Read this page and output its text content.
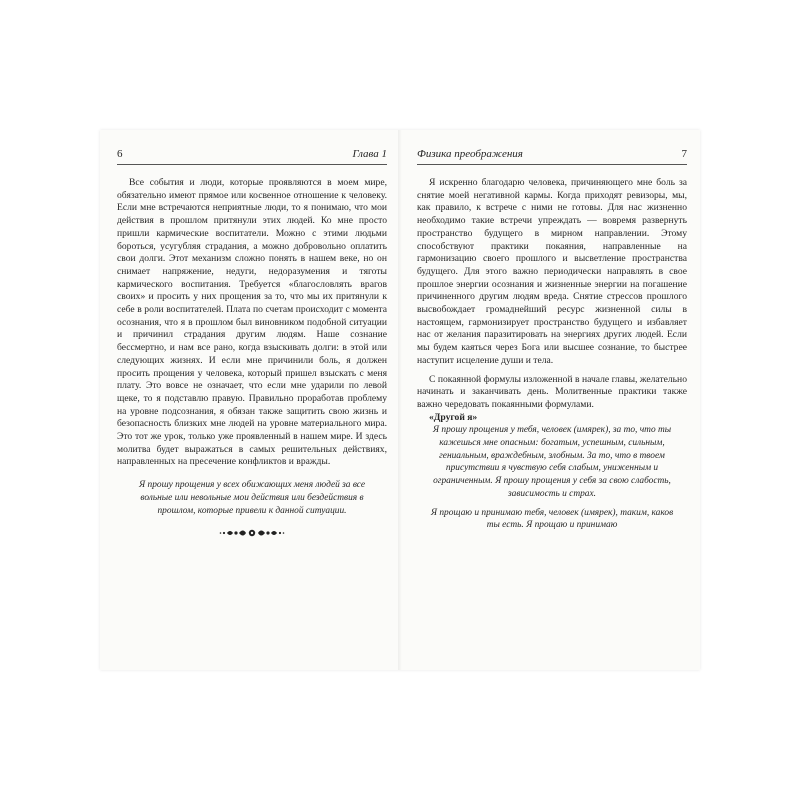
6	Глава 1

Все события и люди, которые проявляются в моем мире, обязательно имеют прямое или косвенное отношение к человеку. Если мне встречаются неприятные люди, то я понимаю, что мои действия в прошлом притянули этих людей. Ко мне просто пришли кармические воспитатели. Можно с этими людьми бороться, усугубляя страдания, а можно добровольно оплатить свои долги. Этот механизм сложно понять в нашем веке, но он снимает напряжение, недуги, недоразумения и тяготы кармического воспитания. Требуется «благословлять врагов своих» и просить у них прощения за то, что мы их притянули к себе в роли воспитателей. Плата по счетам происходит с момента осознания, что я в прошлом был виновником подобной ситуации и причинил страдания другим людям. Наше сознание бессмертно, и нам все рано, когда взыскивать долги: в этой или следующих жизнях. И если мне причинили боль, я должен просить прощения у человека, который пришел взыскать с меня плату. Это вовсе не означает, что если мне ударили по левой щеке, то я подставлю правую. Правильно проработав проблему на уровне подсознания, я обязан также защитить свою жизнь и безопасность близких мне людей на уровне материального мира. Это тот же урок, только уже проявленный в нашем мире. И здесь молитва будет выражаться в самых решительных действиях, направленных на пресечение конфликтов и вражды.

Я прошу прощения у всех обижающих меня людей за все вольные или невольные мои действия или бездействия в прошлом, которые привели к данной ситуации.

Физика преображения	7

Я искренно благодарю человека, причиняющего мне боль за снятие моей негативной кармы. Когда приходят ревизоры, мы, как правило, к встрече с ними не готовы. Для нас жизненно необходимо такие встречи упреждать — вовремя развернуть пространство будущего в мирном направлении. Этому способствуют практики покаяния, направленные на гармонизацию своего прошлого и высветление пространства будущего. Для этого важно периодически направлять в свое прошлое энергии осознания и жизненные энергии на погашение причиненного другим людям вреда. Снятие стрессов прошлого высвобождает громаднейший ресурс жизненной силы в настоящем, гармонизирует пространство будущего и избавляет нас от желания паразитировать на энергиях других людей. Если мы будем каяться через Бога или высшее сознание, то быстрее наступит исцеление души и тела.

С покаянной формулы изложенной в начале главы, желательно начинать и заканчивать день. Молитвенные практики также важно чередовать покаянными формулами.

«Другой я»

Я прошу прощения у тебя, человек (имярек), за то, что ты кажешься мне опасным: богатым, успешным, сильным, гениальным, враждебным, злобным. За то, что в твоем присутствии я чувствую себя слабым, униженным и ограниченным. Я прошу прощения у себя за свою слабость, зависимость и страх.

Я прощаю и принимаю тебя, человек (имярек), таким, каков ты есть. Я прощаю и принимаю
